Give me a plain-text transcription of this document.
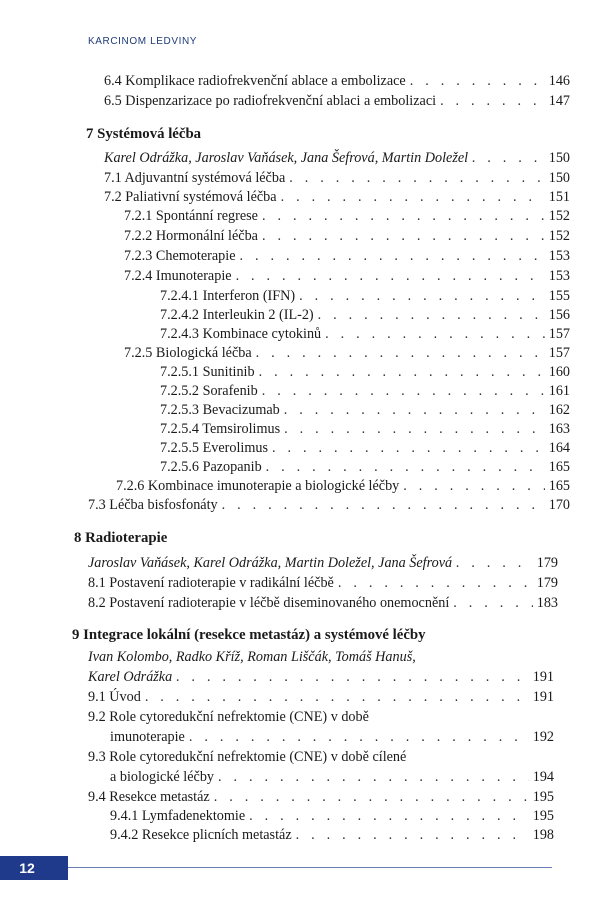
KARCINOM LEDVINY
6.4 Komplikace radiofrekvenční ablace a embolizace . . .	146
6.5 Dispenzarizace po radiofrekvenční ablaci a embolizaci . . .	147
7 Systémová léčba
Karel Odrážka, Jaroslav Vaňásek, Jana Šefrová, Martin Doležel . . .	150
7.1 Adjuvantní systémová léčba . . .	150
7.2 Paliativní systémová léčba . . .	151
7.2.1 Spontánní regrese . . .	152
7.2.2 Hormonální léčba . . .	152
7.2.3 Chemoterapie . . .	153
7.2.4 Imunoterapie . . .	153
7.2.4.1 Interferon (IFN) . . .	155
7.2.4.2 Interleukin 2 (IL-2) . . .	156
7.2.4.3 Kombinace cytokinů . . .	157
7.2.5 Biologická léčba . . .	157
7.2.5.1 Sunitinib . . .	160
7.2.5.2 Sorafenib . . .	161
7.2.5.3 Bevacizumab . . .	162
7.2.5.4 Temsirolimus . . .	163
7.2.5.5 Everolimus . . .	164
7.2.5.6 Pazopanib . . .	165
7.2.6 Kombinace imunoterapie a biologické léčby . . .	165
7.3 Léčba bisfosfonáty . . .	170
8 Radioterapie
Jaroslav Vaňásek, Karel Odrážka, Martin Doležel, Jana Šefrová . . .	179
8.1 Postavení radioterapie v radikální léčbě . . .	179
8.2 Postavení radioterapie v léčbě diseminovaného onemocnění . . .	183
9 Integrace lokální (resekce metastáz) a systémové léčby
Ivan Kolombo, Radko Kříž, Roman Liščák, Tomáš Hanuš,
Karel Odrážka . . .	191
9.1 Úvod . . .	191
9.2 Role cytoredukční nefrektomie (CNE) v době
imunoterapie . . .	192
9.3 Role cytoredukční nefrektomie (CNE) v době cílené
a biologické léčby . . .	194
9.4 Resekce metastáz . . .	195
9.4.1 Lymfadenektomie . . .	195
9.4.2 Resekce plicních metastáz . . .	198
12
